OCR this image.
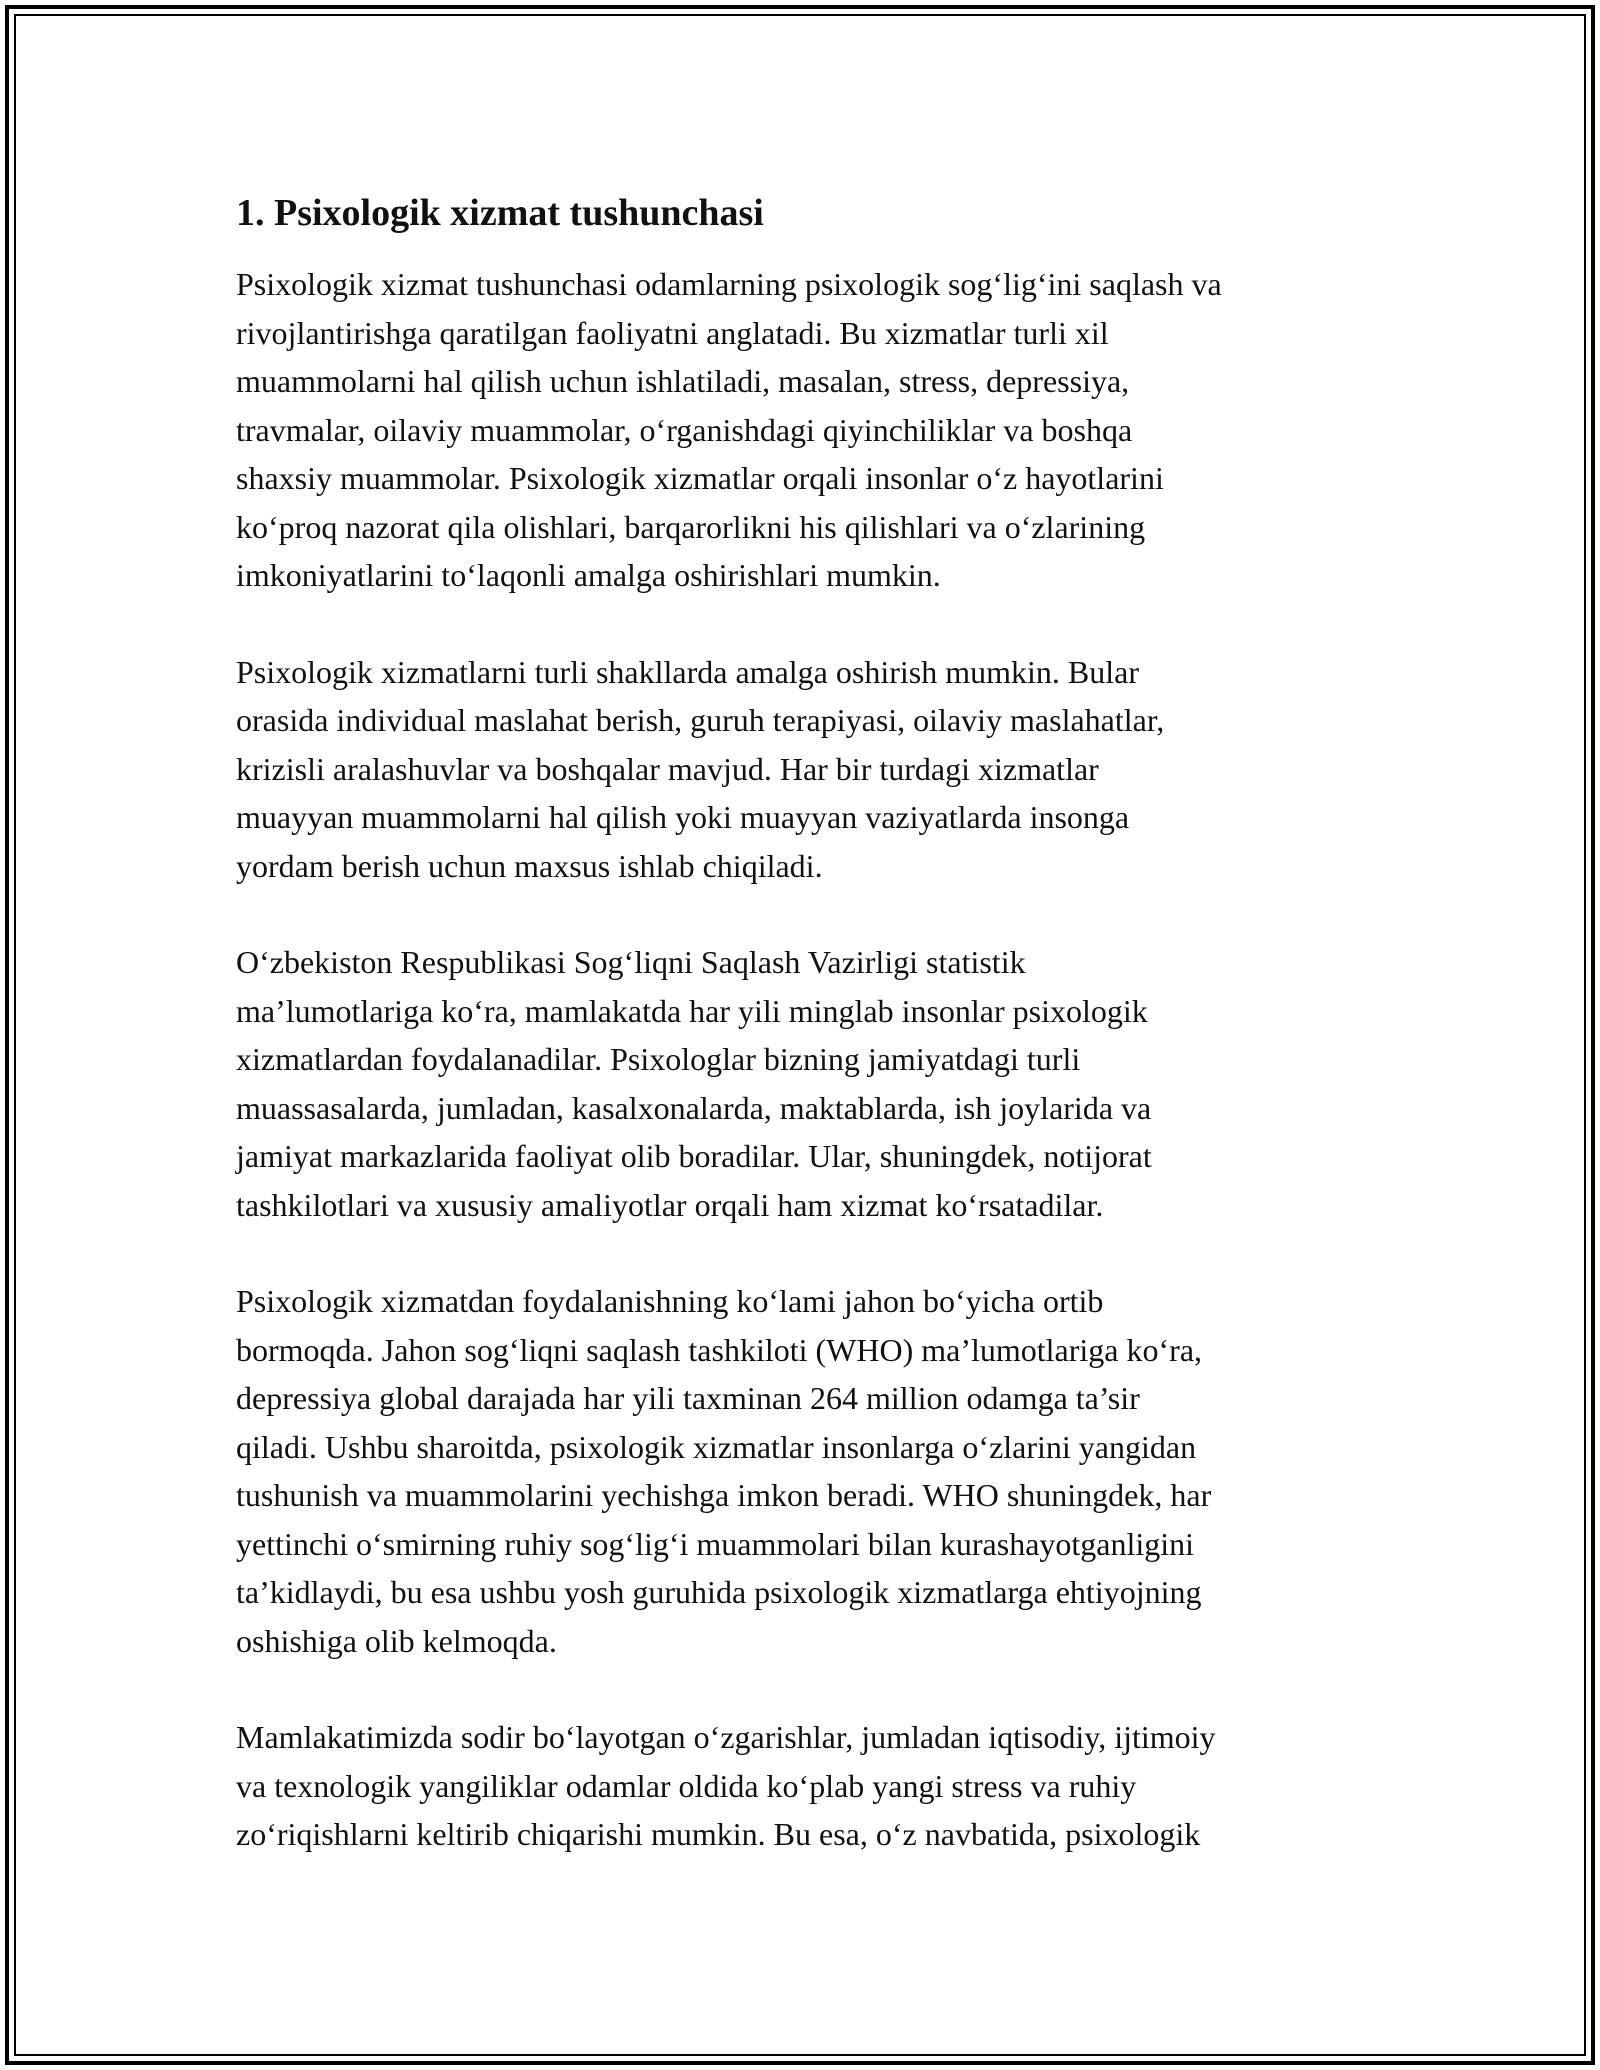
1. Psixologik xizmat tushunchasi

Psixologik xizmat tushunchasi odamlarning psixologik sog‘lig‘ini saqlash va
rivojlantirishga qaratilgan faoliyatni anglatadi. Bu xizmatlar turli xil
muammolarni hal qilish uchun ishlatiladi, masalan, stress, depressiya,
travmalar, oilaviy muammolar, o‘rganishdagi qiyinchiliklar va boshqa
shaxsiy muammolar. Psixologik xizmatlar orqali insonlar o‘z hayotlarini
ko‘proq nazorat qila olishlari, barqarorlikni his qilishlari va o‘zlarining
imkoniyatlarini to‘laqonli amalga oshirishlari mumkin.

Psixologik xizmatlarni turli shakllarda amalga oshirish mumkin. Bular
orasida individual maslahat berish, guruh terapiyasi, oilaviy maslahatlar,
krizisli aralashuvlar va boshqalar mavjud. Har bir turdagi xizmatlar
muayyan muammolarni hal qilish yoki muayyan vaziyatlarda insonga
yordam berish uchun maxsus ishlab chiqiladi.

O‘zbekiston Respublikasi Sog‘liqni Saqlash Vazirligi statistik
ma’lumotlariga ko‘ra, mamlakatda har yili minglab insonlar psixologik
xizmatlardan foydalanadilar. Psixologlar bizning jamiyatdagi turli
muassasalarda, jumladan, kasalxonalarda, maktablarda, ish joylarida va
jamiyat markazlarida faoliyat olib boradilar. Ular, shuningdek, notijorat
tashkilotlari va xususiy amaliyotlar orqali ham xizmat ko‘rsatadilar.

Psixologik xizmatdan foydalanishning ko‘lami jahon bo‘yicha ortib
bormoqda. Jahon sog‘liqni saqlash tashkiloti (WHO) ma’lumotlariga ko‘ra,
depressiya global darajada har yili taxminan 264 million odamga ta’sir
qiladi. Ushbu sharoitda, psixologik xizmatlar insonlarga o‘zlarini yangidan
tushunish va muammolarini yechishga imkon beradi. WHO shuningdek, har
yettinchi o‘smirning ruhiy sog‘lig‘i muammolari bilan kurashayotganligini
ta’kidlaydi, bu esa ushbu yosh guruhida psixologik xizmatlarga ehtiyojning
oshishiga olib kelmoqda.

Mamlakatimizda sodir bo‘layotgan o‘zgarishlar, jumladan iqtisodiy, ijtimoiy
va texnologik yangiliklar odamlar oldida ko‘plab yangi stress va ruhiy
zo‘riqishlarni keltirib chiqarishi mumkin. Bu esa, o‘z navbatida, psixologik
